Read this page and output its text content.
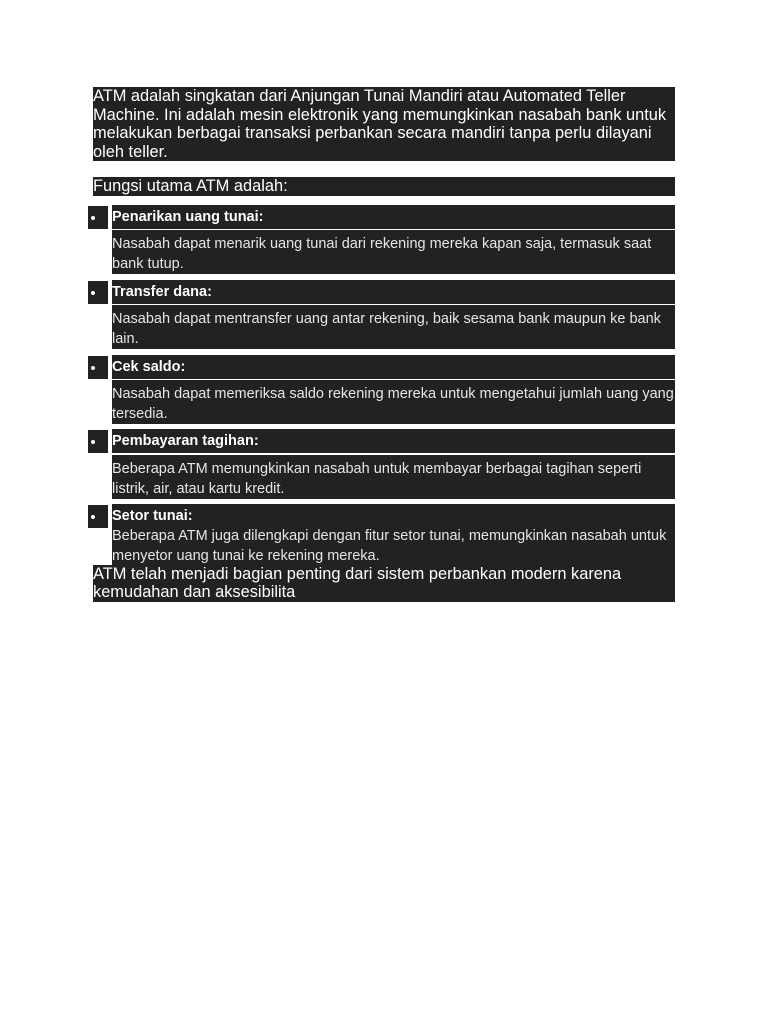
ATM adalah singkatan dari Anjungan Tunai Mandiri atau Automated Teller Machine. Ini adalah mesin elektronik yang memungkinkan nasabah bank untuk melakukan berbagai transaksi perbankan secara mandiri tanpa perlu dilayani oleh teller.
Fungsi utama ATM adalah:
Penarikan uang tunai:
Nasabah dapat menarik uang tunai dari rekening mereka kapan saja, termasuk saat bank tutup.
Transfer dana:
Nasabah dapat mentransfer uang antar rekening, baik sesama bank maupun ke bank lain.
Cek saldo:
Nasabah dapat memeriksa saldo rekening mereka untuk mengetahui jumlah uang yang tersedia.
Pembayaran tagihan:
Beberapa ATM memungkinkan nasabah untuk membayar berbagai tagihan seperti listrik, air, atau kartu kredit.
Setor tunai:
Beberapa ATM juga dilengkapi dengan fitur setor tunai, memungkinkan nasabah untuk menyetor uang tunai ke rekening mereka.
ATM telah menjadi bagian penting dari sistem perbankan modern karena kemudahan dan aksesibilita
